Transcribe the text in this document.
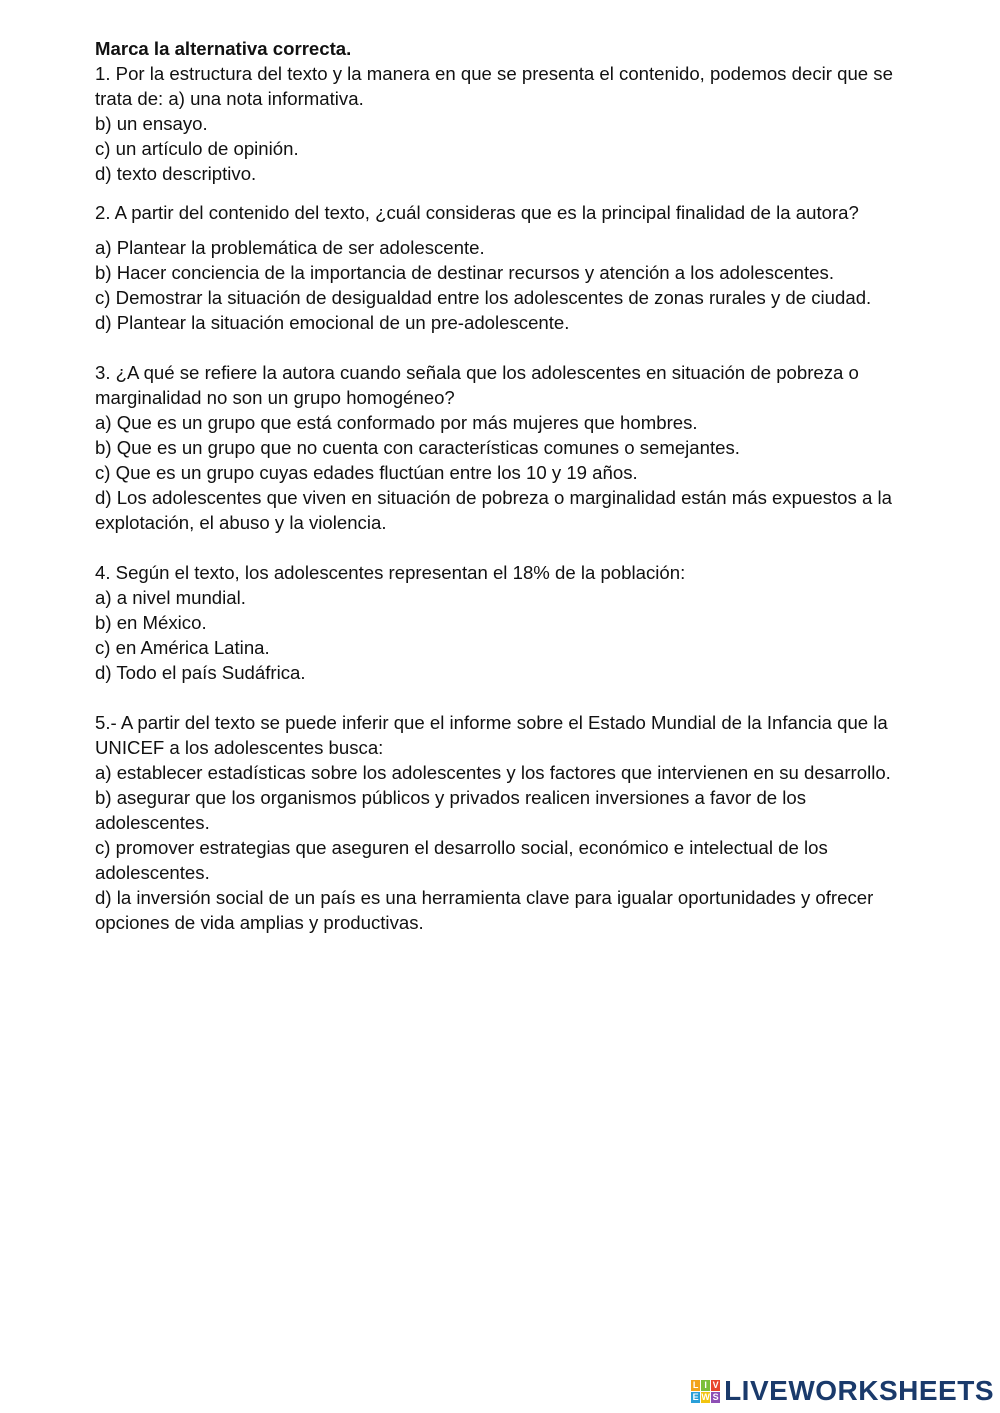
Marca la alternativa correcta.

1. Por la estructura del texto y la manera en que se presenta el contenido, podemos decir que se trata de: a) una nota informativa.

b) un ensayo.

c) un artículo de opinión.

d) texto descriptivo.

2. A partir del contenido del texto, ¿cuál consideras que es la principal finalidad de la autora?

a) Plantear la problemática de ser adolescente.

b) Hacer conciencia de la importancia de destinar recursos y atención a los adolescentes.

c) Demostrar la situación de desigualdad entre los adolescentes de zonas rurales y de ciudad.

d) Plantear la situación emocional de un pre-adolescente.

3. ¿A qué se refiere la autora cuando señala que los adolescentes en situación de pobreza o marginalidad no son un grupo homogéneo?

a) Que es un grupo que está conformado por más mujeres que hombres.

b) Que es un grupo que no cuenta con características comunes o semejantes.

c) Que es un grupo cuyas edades fluctúan entre los 10 y 19 años.

d) Los adolescentes que viven en situación de pobreza o marginalidad están más expuestos a la explotación, el abuso y la violencia.

4. Según el texto, los adolescentes representan el 18% de la población:

a) a nivel mundial.

b) en México.

c) en América Latina.

d) Todo el país Sudáfrica.

5.- A partir del texto se puede inferir que el informe sobre el Estado Mundial de la Infancia que la UNICEF a los adolescentes busca:

a) establecer estadísticas sobre los adolescentes y los factores que intervienen en su desarrollo.

b) asegurar que los organismos públicos y privados realicen inversiones a favor de los adolescentes.

c) promover estrategias que aseguren el desarrollo social, económico e intelectual de los adolescentes.

d) la inversión social de un país es una herramienta clave para igualar oportunidades y ofrecer opciones de vida amplias y productivas.

L I V
E W S LIVEWORKSHEETS
